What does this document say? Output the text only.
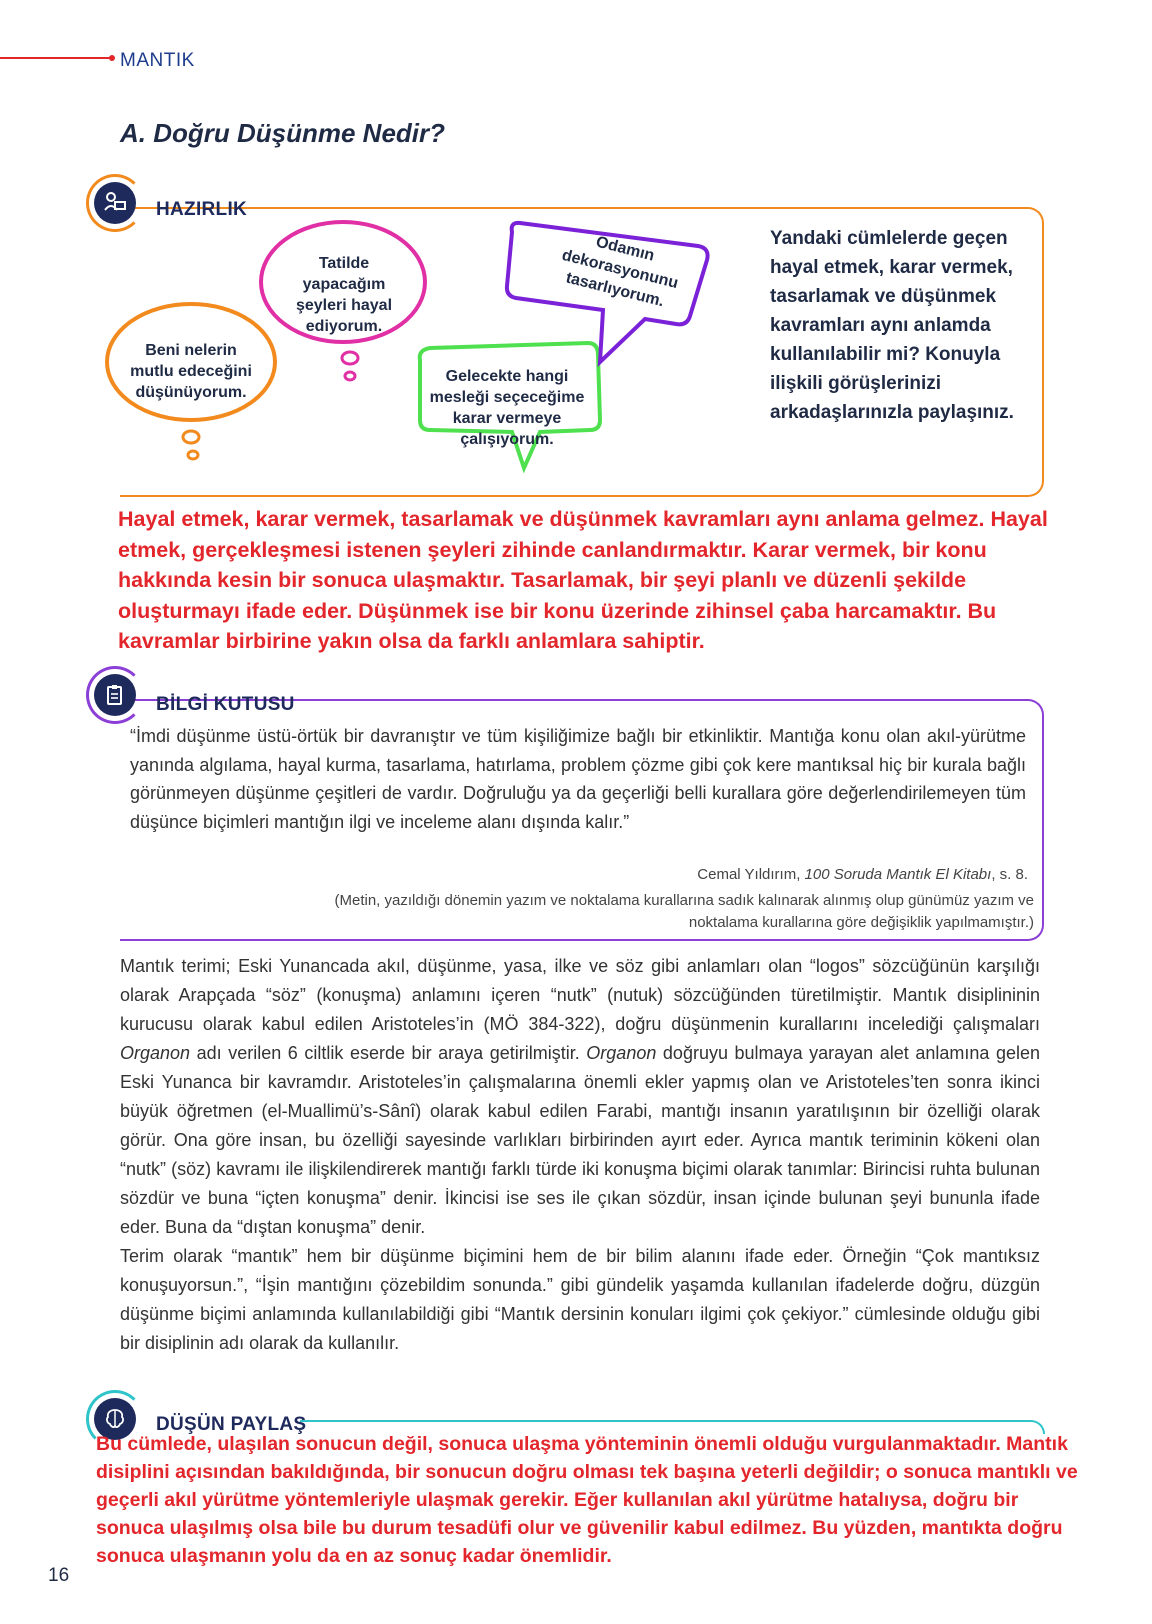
MANTIK
A. Doğru Düşünme Nedir?
HAZIRLIK
Beni nelerin mutlu edeceğini düşünüyorum.
Tatilde yapacağım şeyleri hayal ediyorum.
Gelecekte hangi mesleği seçeceğime karar vermeye çalışıyorum.
Odamın dekorasyonunu tasarlıyorum.
Yandaki cümlelerde geçen hayal etmek, karar vermek, tasarlamak ve düşünmek kavramları aynı anlamda kullanılabilir mi? Konuyla ilişkili görüşlerinizi arkadaşlarınızla paylaşınız.
Hayal etmek, karar vermek, tasarlamak ve düşünmek kavramları aynı anlama gelmez. Hayal etmek, gerçekleşmesi istenen şeyleri zihinde canlandırmaktır. Karar vermek, bir konu hakkında kesin bir sonuca ulaşmaktır. Tasarlamak, bir şeyi planlı ve düzenli şekilde oluşturmayı ifade eder. Düşünmek ise bir konu üzerinde zihinsel çaba harcamaktır. Bu kavramlar birbirine yakın olsa da farklı anlamlara sahiptir.
BİLGİ KUTUSU
“İmdi düşünme üstü-örtük bir davranıştır ve tüm kişiliğimize bağlı bir etkinliktir. Mantığa konu olan akıl-yürütme yanında algılama, hayal kurma, tasarlama, hatırlama, problem çözme gibi çok kere mantıksal hiç bir kurala bağlı görünmeyen düşünme çeşitleri de vardır. Doğruluğu ya da geçerliği belli kurallara göre değerlendirilemeyen tüm düşünce biçimleri mantığın ilgi ve inceleme alanı dışında kalır.”
Cemal Yıldırım, 100 Soruda Mantık El Kitabı, s. 8.
(Metin, yazıldığı dönemin yazım ve noktalama kurallarına sadık kalınarak alınmış olup günümüz yazım ve noktalama kurallarına göre değişiklik yapılmamıştır.)

Mantık terimi; Eski Yunancada akıl, düşünme, yasa, ilke ve söz gibi anlamları olan “logos” sözcüğünün karşılığı olarak Arapçada “söz” (konuşma) anlamını içeren “nutk” (nutuk) sözcüğünden türetilmiştir. Mantık disiplininin kurucusu olarak kabul edilen Aristoteles’in (MÖ 384-322), doğru düşünmenin kurallarını incelediği çalışmaları Organon adı verilen 6 ciltlik eserde bir araya getirilmiştir. Organon doğruyu bulmaya yarayan alet anlamına gelen Eski Yunanca bir kavramdır. Aristoteles’in çalışmalarına önemli ekler yapmış olan ve Aristoteles’ten sonra ikinci büyük öğretmen (el-Muallimü’s-Sânî) olarak kabul edilen Farabi, mantığı insanın yaratılışının bir özelliği olarak görür. Ona göre insan, bu özelliği sayesinde varlıkları birbirinden ayırt eder. Ayrıca mantık teriminin kökeni olan “nutk” (söz) kavramı ile ilişkilendirerek mantığı farklı türde iki konuşma biçimi olarak tanımlar: Birincisi ruhta bulunan sözdür ve buna “içten konuşma” denir. İkincisi ise ses ile çıkan sözdür, insan içinde bulunan şeyi bununla ifade eder. Buna da “dıştan konuşma” denir.

Terim olarak “mantık” hem bir düşünme biçimini hem de bir bilim alanını ifade eder. Örneğin “Çok mantıksız konuşuyorsun.”, “İşin mantığını çözebildim sonunda.” gibi gündelik yaşamda kullanılan ifadelerde doğru, düzgün düşünme biçimi anlamında kullanılabildiği gibi “Mantık dersinin konuları ilgimi çok çekiyor.” cümlesinde olduğu gibi bir disiplinin adı olarak da kullanılır.

DÜŞÜN PAYLAŞ
Bu cümlede, ulaşılan sonucun değil, sonuca ulaşma yönteminin önemli olduğu vurgulanmaktadır. Mantık disiplini açısından bakıldığında, bir sonucun doğru olması tek başına yeterli değildir; o sonuca mantıklı ve geçerli akıl yürütme yöntemleriyle ulaşmak gerekir. Eğer kullanılan akıl yürütme hatalıysa, doğru bir sonuca ulaşılmış olsa bile bu durum tesadüfi olur ve güvenilir kabul edilmez. Bu yüzden, mantıkta doğru sonuca ulaşmanın yolu da en az sonuç kadar önemlidir.
16
